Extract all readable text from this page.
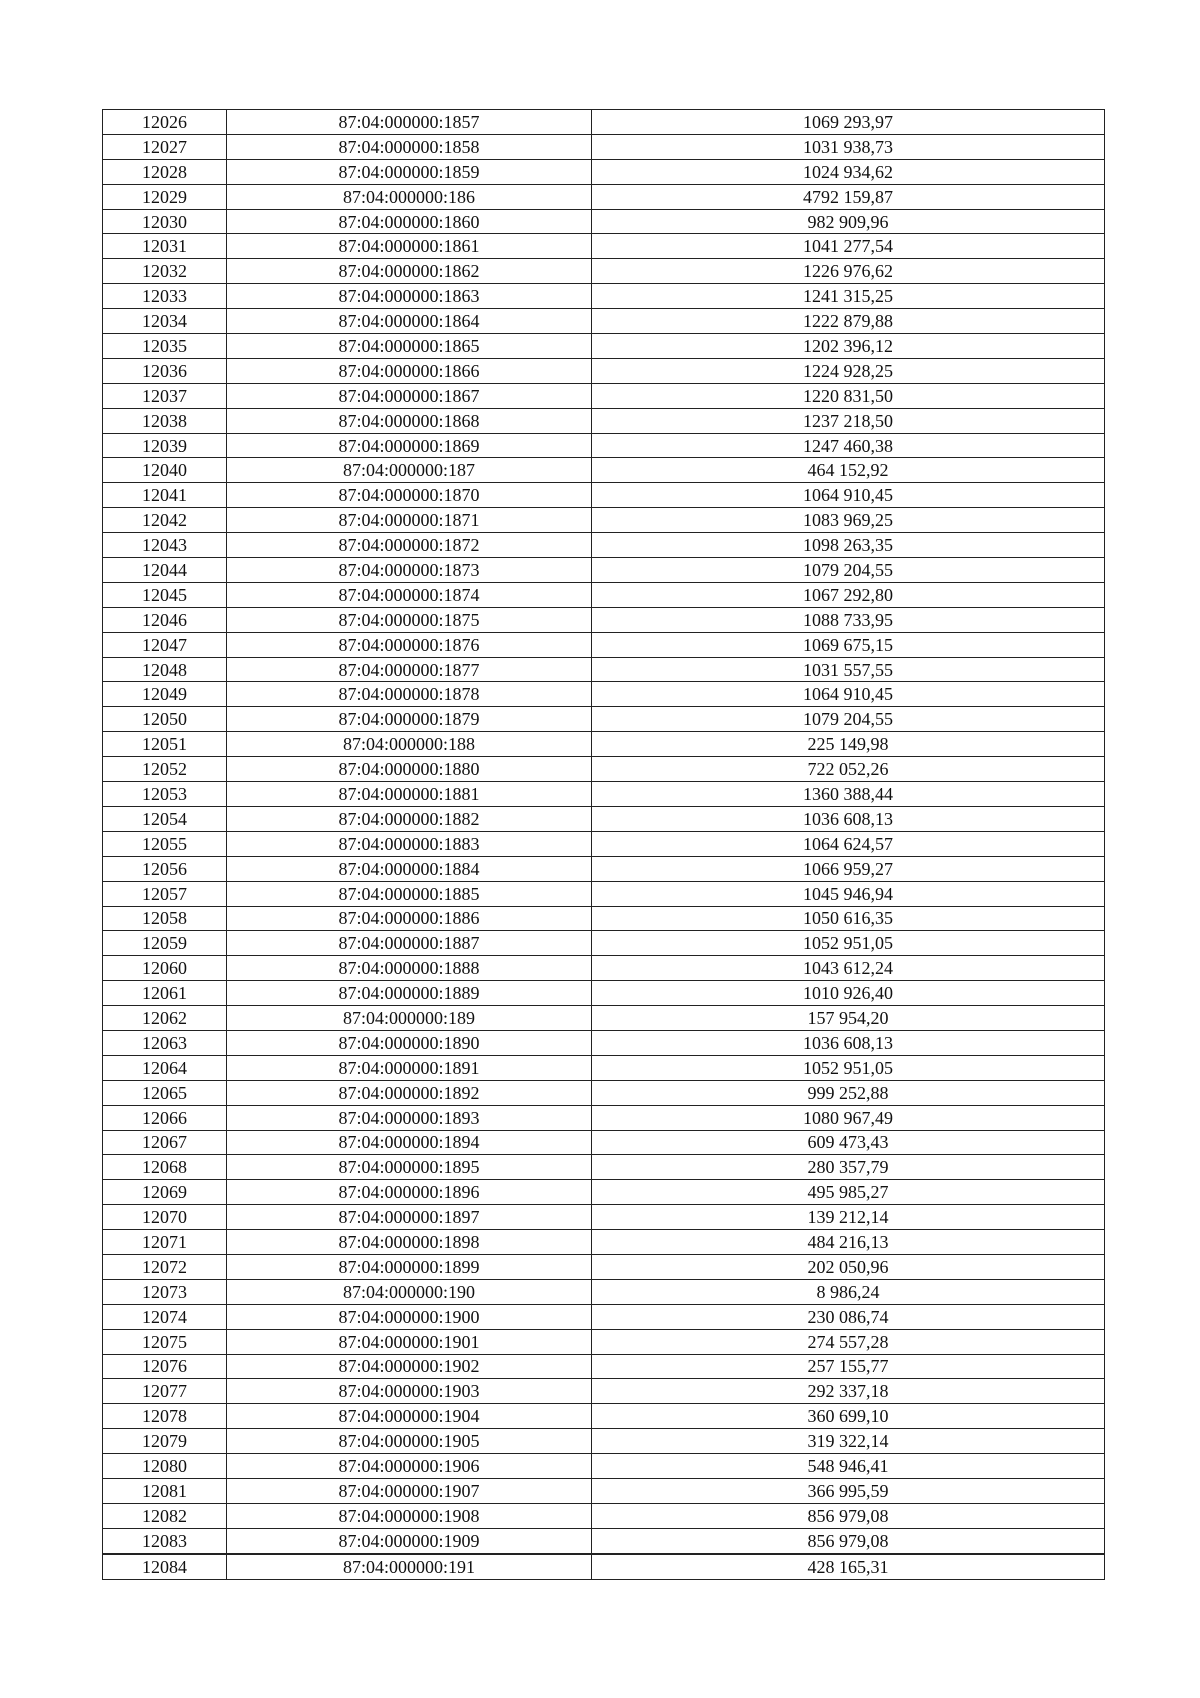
12026	87:04:000000:1857	1069 293,97
12027	87:04:000000:1858	1031 938,73
12028	87:04:000000:1859	1024 934,62
12029	87:04:000000:186	4792 159,87
12030	87:04:000000:1860	982 909,96
12031	87:04:000000:1861	1041 277,54
12032	87:04:000000:1862	1226 976,62
12033	87:04:000000:1863	1241 315,25
12034	87:04:000000:1864	1222 879,88
12035	87:04:000000:1865	1202 396,12
12036	87:04:000000:1866	1224 928,25
12037	87:04:000000:1867	1220 831,50
12038	87:04:000000:1868	1237 218,50
12039	87:04:000000:1869	1247 460,38
12040	87:04:000000:187	464 152,92
12041	87:04:000000:1870	1064 910,45
12042	87:04:000000:1871	1083 969,25
12043	87:04:000000:1872	1098 263,35
12044	87:04:000000:1873	1079 204,55
12045	87:04:000000:1874	1067 292,80
12046	87:04:000000:1875	1088 733,95
12047	87:04:000000:1876	1069 675,15
12048	87:04:000000:1877	1031 557,55
12049	87:04:000000:1878	1064 910,45
12050	87:04:000000:1879	1079 204,55
12051	87:04:000000:188	225 149,98
12052	87:04:000000:1880	722 052,26
12053	87:04:000000:1881	1360 388,44
12054	87:04:000000:1882	1036 608,13
12055	87:04:000000:1883	1064 624,57
12056	87:04:000000:1884	1066 959,27
12057	87:04:000000:1885	1045 946,94
12058	87:04:000000:1886	1050 616,35
12059	87:04:000000:1887	1052 951,05
12060	87:04:000000:1888	1043 612,24
12061	87:04:000000:1889	1010 926,40
12062	87:04:000000:189	157 954,20
12063	87:04:000000:1890	1036 608,13
12064	87:04:000000:1891	1052 951,05
12065	87:04:000000:1892	999 252,88
12066	87:04:000000:1893	1080 967,49
12067	87:04:000000:1894	609 473,43
12068	87:04:000000:1895	280 357,79
12069	87:04:000000:1896	495 985,27
12070	87:04:000000:1897	139 212,14
12071	87:04:000000:1898	484 216,13
12072	87:04:000000:1899	202 050,96
12073	87:04:000000:190	8 986,24
12074	87:04:000000:1900	230 086,74
12075	87:04:000000:1901	274 557,28
12076	87:04:000000:1902	257 155,77
12077	87:04:000000:1903	292 337,18
12078	87:04:000000:1904	360 699,10
12079	87:04:000000:1905	319 322,14
12080	87:04:000000:1906	548 946,41
12081	87:04:000000:1907	366 995,59
12082	87:04:000000:1908	856 979,08
12083	87:04:000000:1909	856 979,08
12084	87:04:000000:191	428 165,31
